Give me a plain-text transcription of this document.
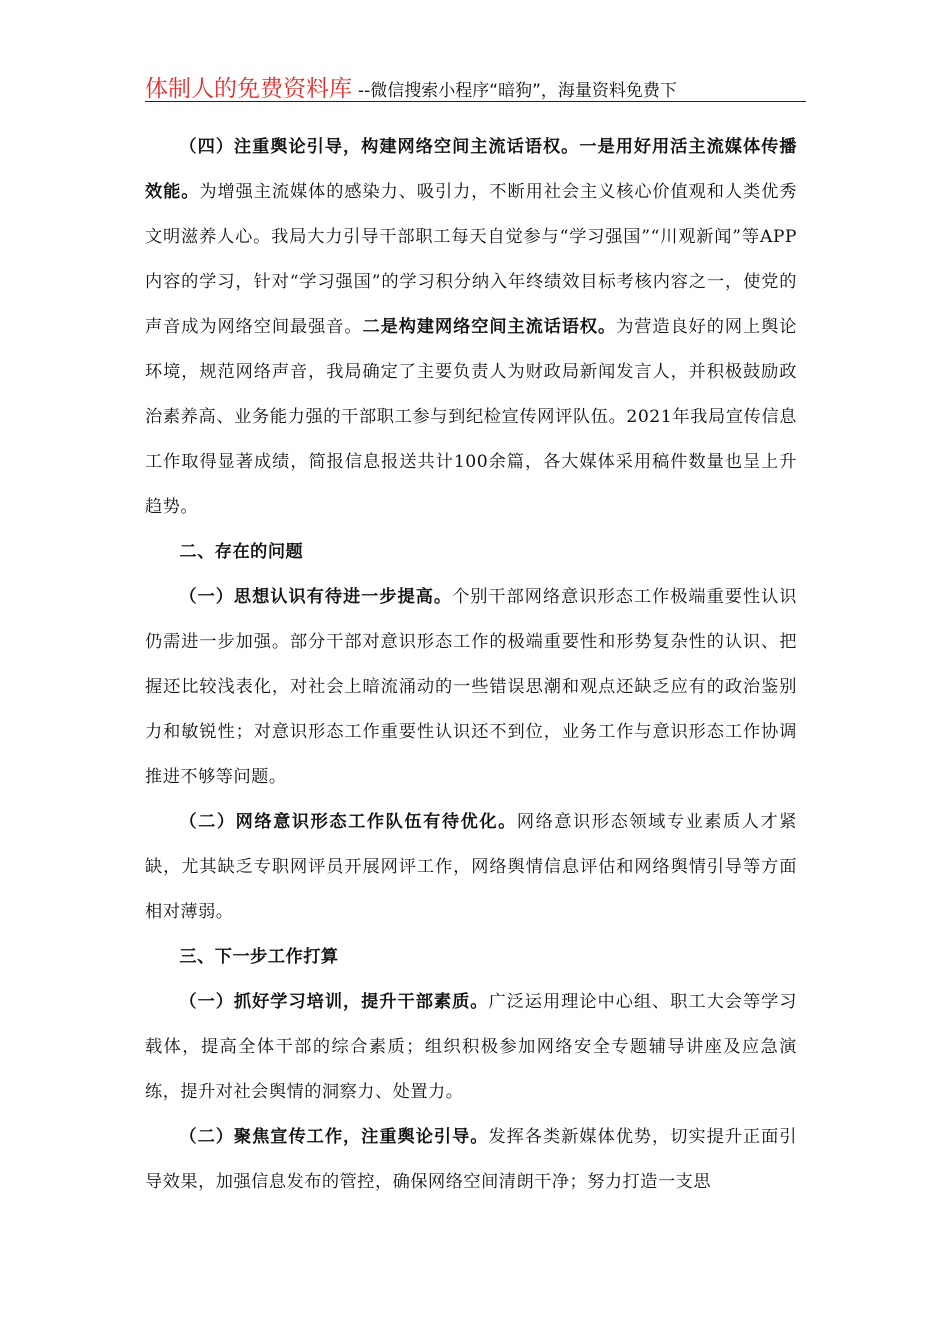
体制人的免费资料库 --微信搜索小程序“暗狗”，海量资料免费下

（四）注重舆论引导，构建网络空间主流话语权。一是用好用活主流媒体传播效能。为增强主流媒体的感染力、吸引力，不断用社会主义核心价值观和人类优秀文明滋养人心。我局大力引导干部职工每天自觉参与“学习强国”“川观新闻”等APP内容的学习，针对“学习强国”的学习积分纳入年终绩效目标考核内容之一，使党的声音成为网络空间最强音。二是构建网络空间主流话语权。为营造良好的网上舆论环境，规范网络声音，我局确定了主要负责人为财政局新闻发言人，并积极鼓励政治素养高、业务能力强的干部职工参与到纪检宣传网评队伍。2021年我局宣传信息工作取得显著成绩，简报信息报送共计100余篇，各大媒体采用稿件数量也呈上升趋势。

二、存在的问题

（一）思想认识有待进一步提高。个别干部网络意识形态工作极端重要性认识仍需进一步加强。部分干部对意识形态工作的极端重要性和形势复杂性的认识、把握还比较浅表化，对社会上暗流涌动的一些错误思潮和观点还缺乏应有的政治鉴别力和敏锐性；对意识形态工作重要性认识还不到位，业务工作与意识形态工作协调推进不够等问题。

（二）网络意识形态工作队伍有待优化。网络意识形态领域专业素质人才紧缺，尤其缺乏专职网评员开展网评工作，网络舆情信息评估和网络舆情引导等方面相对薄弱。

三、下一步工作打算

（一）抓好学习培训，提升干部素质。广泛运用理论中心组、职工大会等学习载体，提高全体干部的综合素质；组织积极参加网络安全专题辅导讲座及应急演练，提升对社会舆情的洞察力、处置力。

（二）聚焦宣传工作，注重舆论引导。发挥各类新媒体优势，切实提升正面引导效果，加强信息发布的管控，确保网络空间清朗干净；努力打造一支思
